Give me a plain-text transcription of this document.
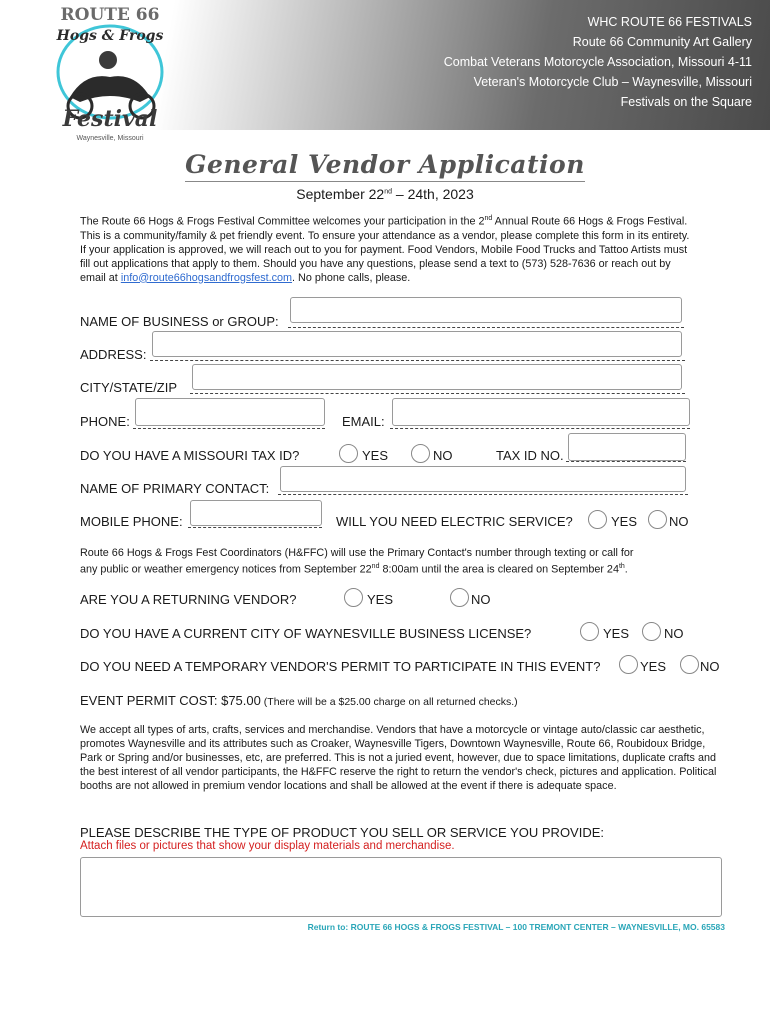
ROUTE 66
Hogs & Frogs
Festival
Waynesville, Missouri
WHC ROUTE 66 FESTIVALS
Route 66 Community Art Gallery
Combat Veterans Motorcycle Association, Missouri 4-11
Veteran's Motorcycle Club – Waynesville, Missouri
Festivals on the Square
General Vendor Application
September 22nd – 24th, 2023
The Route 66 Hogs & Frogs Festival Committee welcomes your participation in the 2nd Annual Route 66 Hogs & Frogs Festival. This is a community/family & pet friendly event. To ensure your attendance as a vendor, please complete this form in its entirety. If your application is approved, we will reach out to you for payment. Food Vendors, Mobile Food Trucks and Tattoo Artists must fill out applications that apply to them. Should you have any questions, please send a text to (573) 528-7636 or reach out by email at info@route66hogsandfrogsfest.com. No phone calls, please.
NAME OF BUSINESS or GROUP:
ADDRESS:
CITY/STATE/ZIP
PHONE:	EMAIL:
DO YOU HAVE A MISSOURI TAX ID?	YES	NO	TAX ID NO.
NAME OF PRIMARY CONTACT:
MOBILE PHONE:	WILL YOU NEED ELECTRIC SERVICE?	YES NO
Route 66 Hogs & Frogs Fest Coordinators (H&FFC) will use the Primary Contact's number through texting or call for
any public or weather emergency notices from September 22nd 8:00am until the area is cleared on September 24th.
ARE YOU A RETURNING VENDOR?	YES	NO
DO YOU HAVE A CURRENT CITY OF WAYNESVILLE BUSINESS LICENSE?	YES	NO
DO YOU NEED A TEMPORARY VENDOR'S PERMIT TO PARTICIPATE IN THIS EVENT?	YES	NO
EVENT PERMIT COST: $75.00 (There will be a $25.00 charge on all returned checks.)
We accept all types of arts, crafts, services and merchandise. Vendors that have a motorcycle or vintage auto/classic car aesthetic, promotes Waynesville and its attributes such as Croaker, Waynesville Tigers, Downtown Waynesville, Route 66, Roubidoux Bridge, Park or Spring and/or businesses, etc, are preferred. This is not a juried event, however, due to space limitations, duplicate crafts and the best interest of all vendor participants, the H&FFC reserve the right to return the vendor's check, pictures and application. Political booths are not allowed in premium vendor locations and shall be allowed at the event if there is adequate space.
PLEASE DESCRIBE THE TYPE OF PRODUCT YOU SELL OR SERVICE YOU PROVIDE:
Attach files or pictures that show your display materials and merchandise.
Return to: ROUTE 66 HOGS & FROGS FESTIVAL – 100 TREMONT CENTER – WAYNESVILLE, MO. 65583
